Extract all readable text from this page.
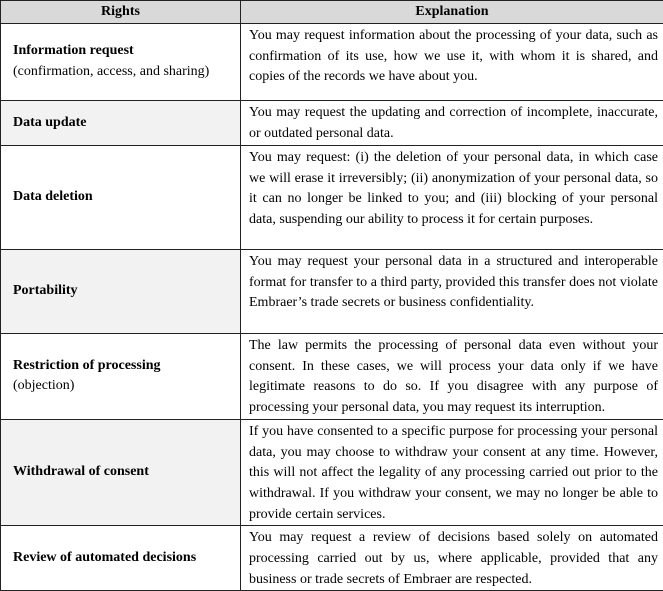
Rights	Explanation

Information request
(confirmation, access, and sharing)	You may request information about the processing of your data, such as confirmation of its use, how we use it, with whom it is shared, and copies of the records we have about you.

Data update	You may request the updating and correction of incomplete, inaccurate, or outdated personal data.

Data deletion	You may request: (i) the deletion of your personal data, in which case we will erase it irreversibly; (ii) anonymization of your personal data, so it can no longer be linked to you; and (iii) blocking of your personal data, suspending our ability to process it for certain purposes.

Portability	You may request your personal data in a structured and interoperable format for transfer to a third party, provided this transfer does not violate Embraer’s trade secrets or business confidentiality.

Restriction of processing
(objection)	The law permits the processing of personal data even without your consent. In these cases, we will process your data only if we have legitimate reasons to do so. If you disagree with any purpose of processing your personal data, you may request its interruption.

Withdrawal of consent	If you have consented to a specific purpose for processing your personal data, you may choose to withdraw your consent at any time. However, this will not affect the legality of any processing carried out prior to the withdrawal. If you withdraw your consent, we may no longer be able to provide certain services.

Review of automated decisions	You may request a review of decisions based solely on automated processing carried out by us, where applicable, provided that any business or trade secrets of Embraer are respected.
